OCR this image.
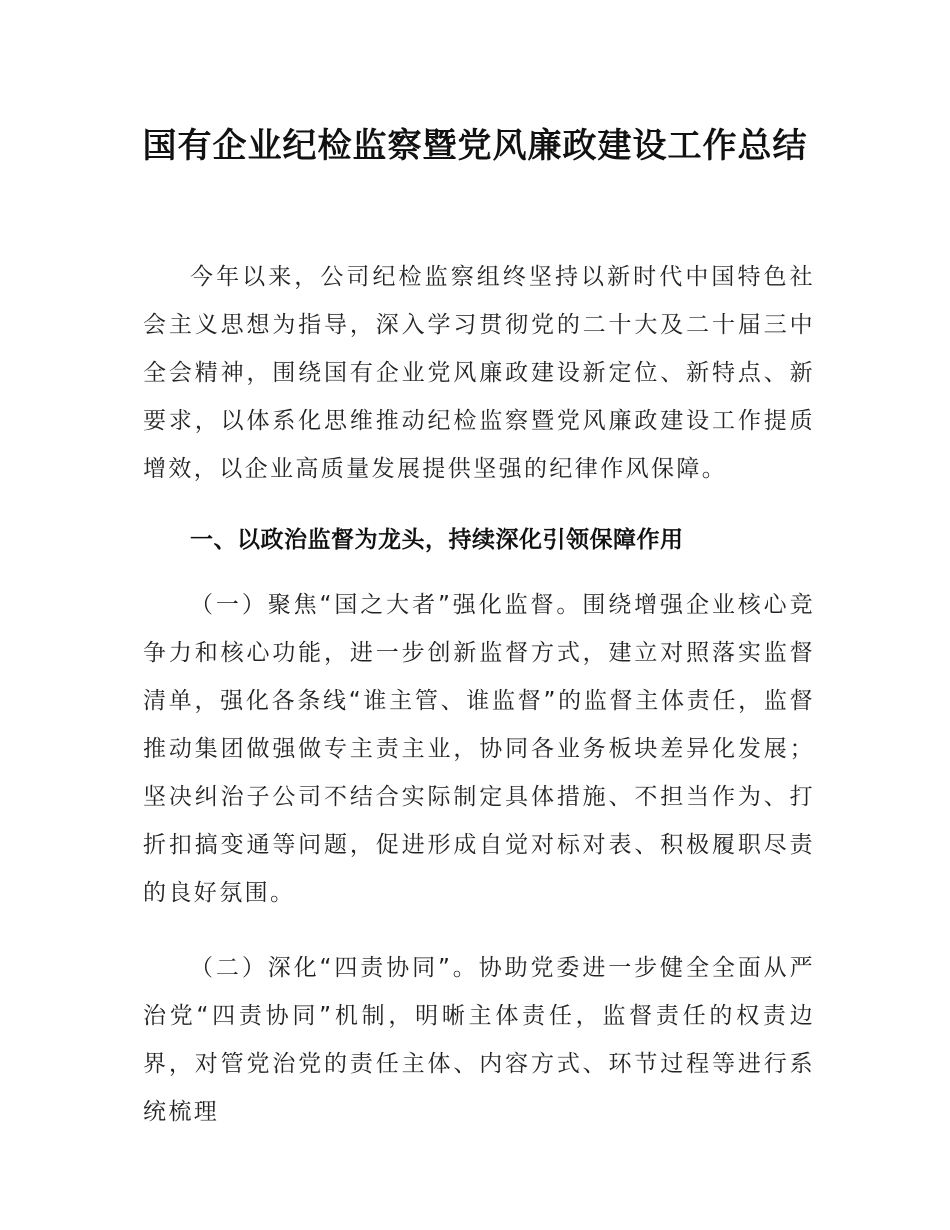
国有企业纪检监察暨党风廉政建设工作总结

今年以来，公司纪检监察组终坚持以新时代中国特色社会主义思想为指导，深入学习贯彻党的二十大及二十届三中全会精神，围绕国有企业党风廉政建设新定位、新特点、新要求，以体系化思维推动纪检监察暨党风廉政建设工作提质增效，以企业高质量发展提供坚强的纪律作风保障。

一、以政治监督为龙头，持续深化引领保障作用

（一）聚焦“国之大者”强化监督。围绕增强企业核心竞争力和核心功能，进一步创新监督方式，建立对照落实监督清单，强化各条线“谁主管、谁监督”的监督主体责任，监督推动集团做强做专主责主业，协同各业务板块差异化发展；坚决纠治子公司不结合实际制定具体措施、不担当作为、打折扣搞变通等问题，促进形成自觉对标对表、积极履职尽责的良好氛围。

（二）深化“四责协同”。协助党委进一步健全全面从严治党“四责协同”机制，明晰主体责任，监督责任的权责边界，对管党治党的责任主体、内容方式、环节过程等进行系统梳理
